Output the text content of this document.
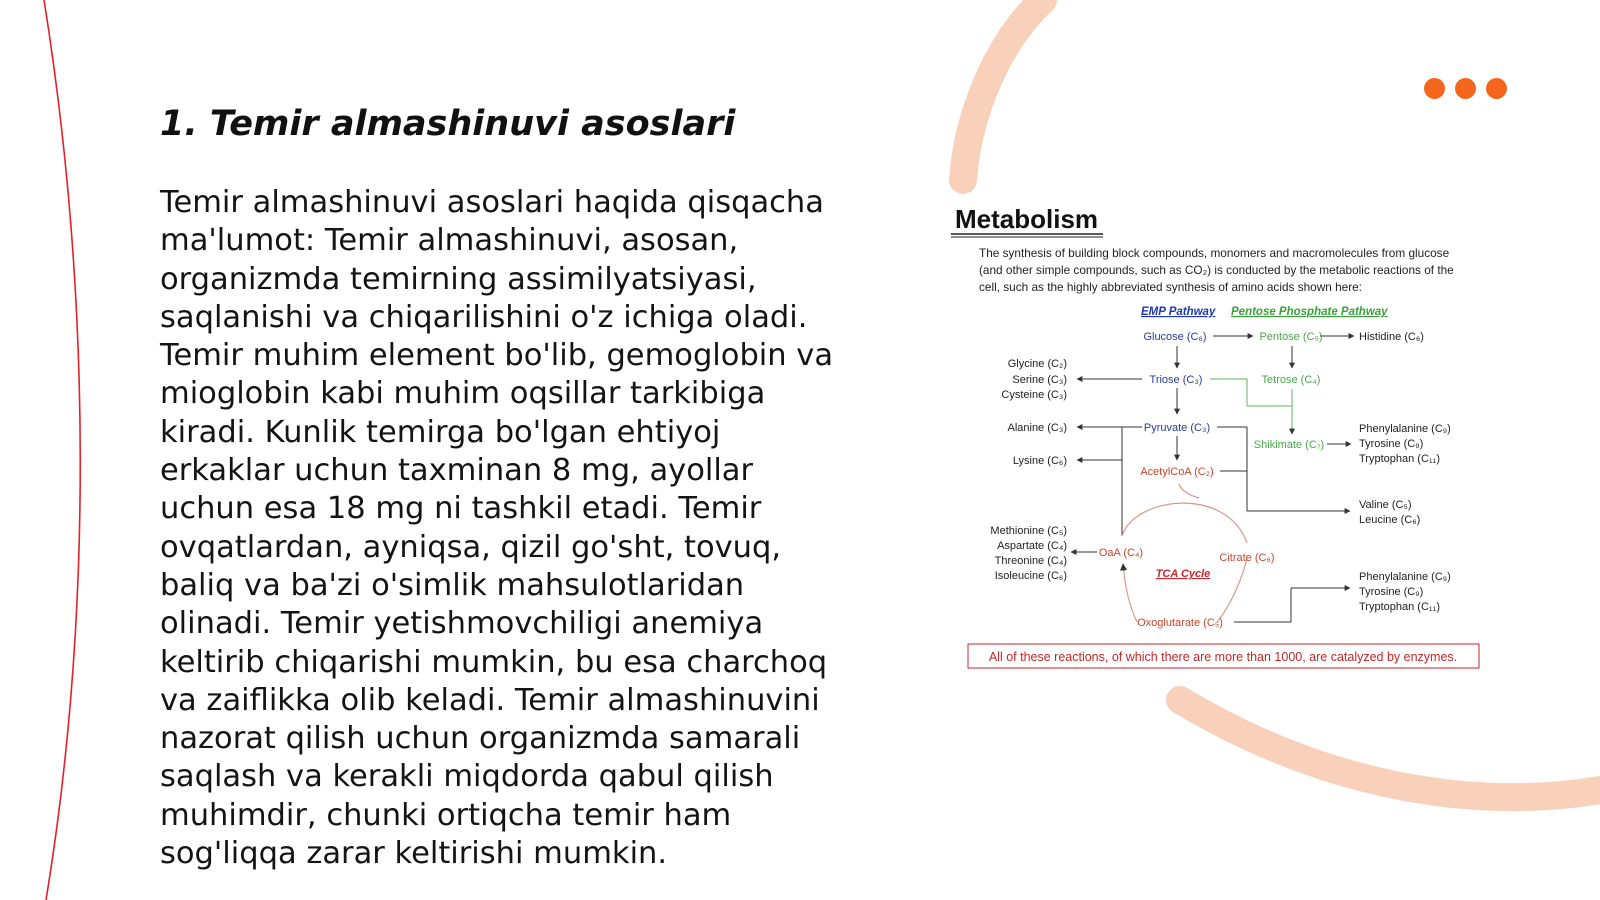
1. Temir almashinuvi asoslari

Temir almashinuvi asoslari haqida qisqacha ma'lumot: Temir almashinuvi, asosan, organizmda temirning assimilyatsiyasi, saqlanishi va chiqarilishini o'z ichiga oladi. Temir muhim element bo'lib, gemoglobin va mioglobin kabi muhim oqsillar tarkibiga kiradi. Kunlik temirga bo'lgan ehtiyoj erkaklar uchun taxminan 8 mg, ayollar uchun esa 18 mg ni tashkil etadi. Temir ovqatlardan, ayniqsa, qizil go'sht, tovuq, baliq va ba'zi o'simlik mahsulotlaridan olinadi. Temir yetishmovchiligi anemiya keltirib chiqarishi mumkin, bu esa charchoq va zaiflikka olib keladi. Temir almashinuvini nazorat qilish uchun organizmda samarali saqlash va kerakli miqdorda qabul qilish muhimdir, chunki ortiqcha temir ham sog'liqqa zarar keltirishi mumkin.

Metabolism
The synthesis of building block compounds, monomers and macromolecules from glucose
(and other simple compounds, such as CO₂) is conducted by the metabolic reactions of the
cell, such as the highly abbreviated synthesis of amino acids shown here:
EMP Pathway Pentose Phosphate Pathway
Glucose (C₆)	Pentose (C₅)	Histidine (C₆)
Glycine (C₂)
Serine (C₃)
Cysteine (C₃)
Triose (C₃)	Tetrose (C₄)
Alanine (C₃)	Pyruvate (C₃)
Shikimate (C₇)
Phenylalanine (C₉)
Tyrosine (C₉)
Tryptophan (C₁₁)
Lysine (C₆)
AcetylCoA (C₂)
Valine (C₅)
Leucine (C₆)
Methionine (C₅)
Aspartate (C₄)
Threonine (C₄)
Isoleucine (C₆)
OaA (C₄)	Citrate (C₆)
TCA Cycle
Oxoglutarate (C₅)
Phenylalanine (C₉)
Tyrosine (C₉)
Tryptophan (C₁₁)
All of these reactions, of which there are more than 1000, are catalyzed by enzymes.
